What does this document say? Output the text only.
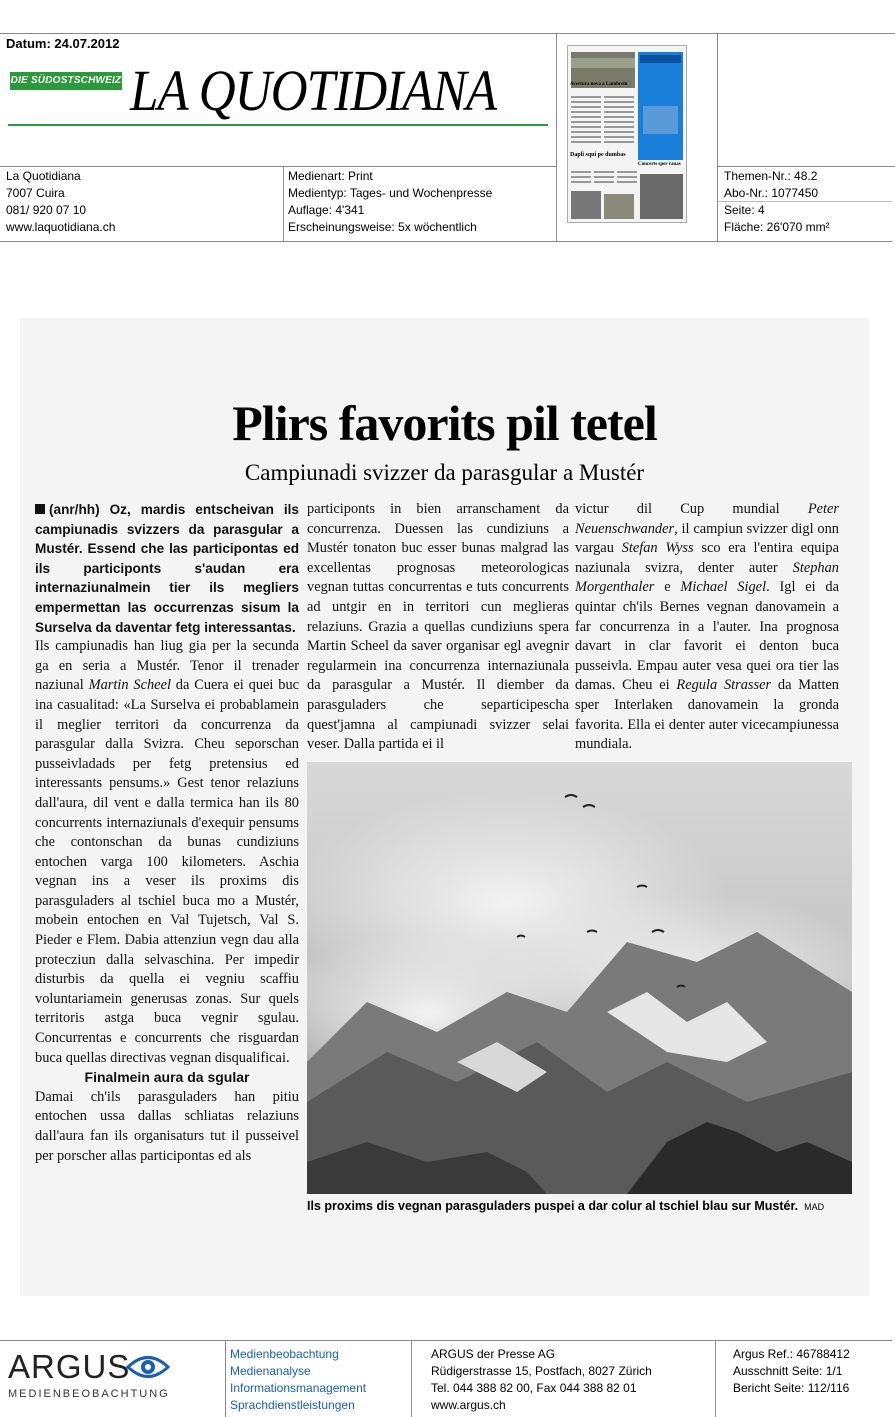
Datum: 24.07.2012
DIE SÜDOSTSCHWEIZ LA QUOTIDIANA	Avertura nova a Lumbrein
Dapli squi pe dumbas
Concerts sper rauas
La Quotidiana
7007 Cuira
081/ 920 07 10
www.laquotidiana.ch
Medienart: Print
Medientyp: Tages- und Wochenpresse
Auflage: 4'341
Erscheinungsweise: 5x wöchentlich
Themen-Nr.: 48.2
Abo-Nr.: 1077450
Seite: 4
Fläche: 26'070 mm²
Plirs favorits pil tetel
Campiunadi svizzer da parasgular a Mustér

(anr/hh) Oz, mardis entscheivan ils campiunadis svizzers da parasgular a Mustér. Essend che las participontas ed ils participonts s'audan era internaziunalmein tier ils megliers empermettan las occurrenzas sisum la Surselva da daventar fetg interessantas.

Ils campiunadis han liug gia per la secunda ga en seria a Mustér. Tenor il trenader naziunal Martin Scheel da Cuera ei quei buc ina casualitad: «La Surselva ei probablamein il meglier territori da concurrenza da parasgular dalla Svizra. Cheu seporschan pusseivladads per fetg pretensius ed interessants pensums.» Gest tenor relaziuns dall'aura, dil vent e dalla termica han ils 80 concurrents internaziunals d'exequir pensums che contonschan da bunas cundiziuns entochen varga 100 kilometers. Aschia vegnan ins a veser ils proxims dis parasguladers al tschiel buca mo a Mustér, mobein entochen en Val Tujetsch, Val S. Pieder e Flem. Dabia attenziun vegn dau alla protecziun dalla selvaschina. Per impedir disturbis da quella ei vegniu scaffiu voluntariamein generusas zonas. Sur quels territoris astga buca vegnir sgulau. Concurrentas e concurrents che risguardan buca quellas directivas vegnan disqualificai.

Finalmein aura da sgular

Damai ch'ils parasguladers han pitiu entochen ussa dallas schliatas relaziuns dall'aura fan ils organisaturs tut il pusseivel per porscher allas participontas ed als

participonts in bien arranschament da concurrenza. Duessen las cundiziuns a Mustér tonaton buc esser bunas malgrad las excellentas prognosas meteorologicas vegnan tuttas concurrentas e tuts concurrents ad untgir en in territori cun meglieras relaziuns. Grazia a quellas cundiziuns spera Martin Scheel da saver organisar egl avegnir regularmein ina concurrenza internaziunala da parasgular a Mustér. Il diember da parasguladers che separticipescha quest'jamna al campiunadi svizzer selai veser. Dalla partida ei il

victur dil Cup mundial Peter Neuenschwander, il campiun svizzer digl onn vargau Stefan Wyss sco era l'entira equipa naziunala svizra, denter auter Stephan Morgenthaler e Michael Sigel. Igl ei da quintar ch'ils Bernes vegnan danovamein a far concurrenza in a l'auter. Ina prognosa davart in clar favorit ei denton buca pusseivla. Empau auter vesa quei ora tier las damas. Cheu ei Regula Strasser da Matten sper Interlaken danovamein la gronda favorita. Ella ei denter auter vicecampiunessa mundiala.

Ils proxims dis vegnan parasguladers puspei a dar colur al tschiel blau sur Mustér. MAD
ARGUS
MEDIENBEOBACHTUNG
Medienbeobachtung
Medienanalyse
Informationsmanagement
Sprachdienstleistungen
ARGUS der Presse AG
Rüdigerstrasse 15, Postfach, 8027 Zürich
Tel. 044 388 82 00, Fax 044 388 82 01
www.argus.ch
Argus Ref.: 46788412
Ausschnitt Seite: 1/1
Bericht Seite: 112/116
